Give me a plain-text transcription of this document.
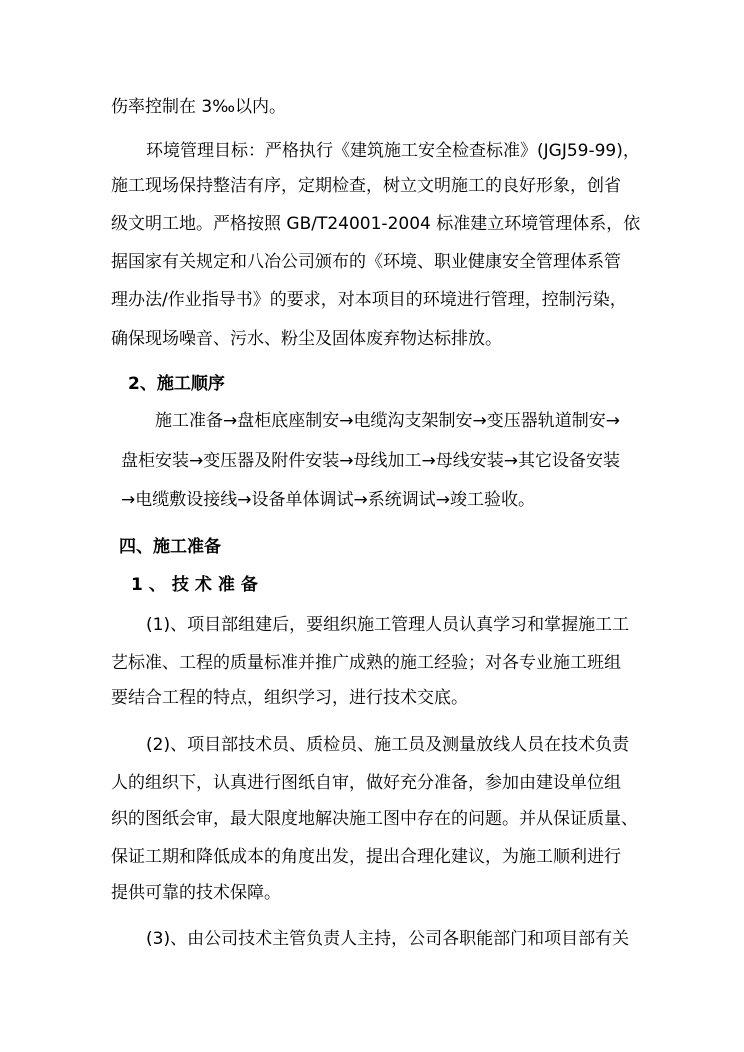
伤率控制在 3‰以内。
环境管理目标：严格执行《建筑施工安全检查标准》(JGJ59-99)，
施工现场保持整洁有序，定期检查，树立文明施工的良好形象，创省
级文明工地。严格按照 GB/T24001-2004 标准建立环境管理体系，依
据国家有关规定和八冶公司颁布的《环境、职业健康安全管理体系管
理办法/作业指导书》的要求，对本项目的环境进行管理，控制污染，
确保现场噪音、污水、粉尘及固体废弃物达标排放。
2、施工顺序
施工准备→盘柜底座制安→电缆沟支架制安→变压器轨道制安→
盘柜安装→变压器及附件安装→母线加工→母线安装→其它设备安装
→电缆敷设接线→设备单体调试→系统调试→竣工验收。
四、施工准备
1、技术准备
(1)、项目部组建后，要组织施工管理人员认真学习和掌握施工工
艺标准、工程的质量标准并推广成熟的施工经验；对各专业施工班组
要结合工程的特点，组织学习，进行技术交底。
(2)、项目部技术员、质检员、施工员及测量放线人员在技术负责
人的组织下，认真进行图纸自审，做好充分准备，参加由建设单位组
织的图纸会审，最大限度地解决施工图中存在的问题。并从保证质量、
保证工期和降低成本的角度出发，提出合理化建议，为施工顺利进行
提供可靠的技术保障。
(3)、由公司技术主管负责人主持，公司各职能部门和项目部有关
